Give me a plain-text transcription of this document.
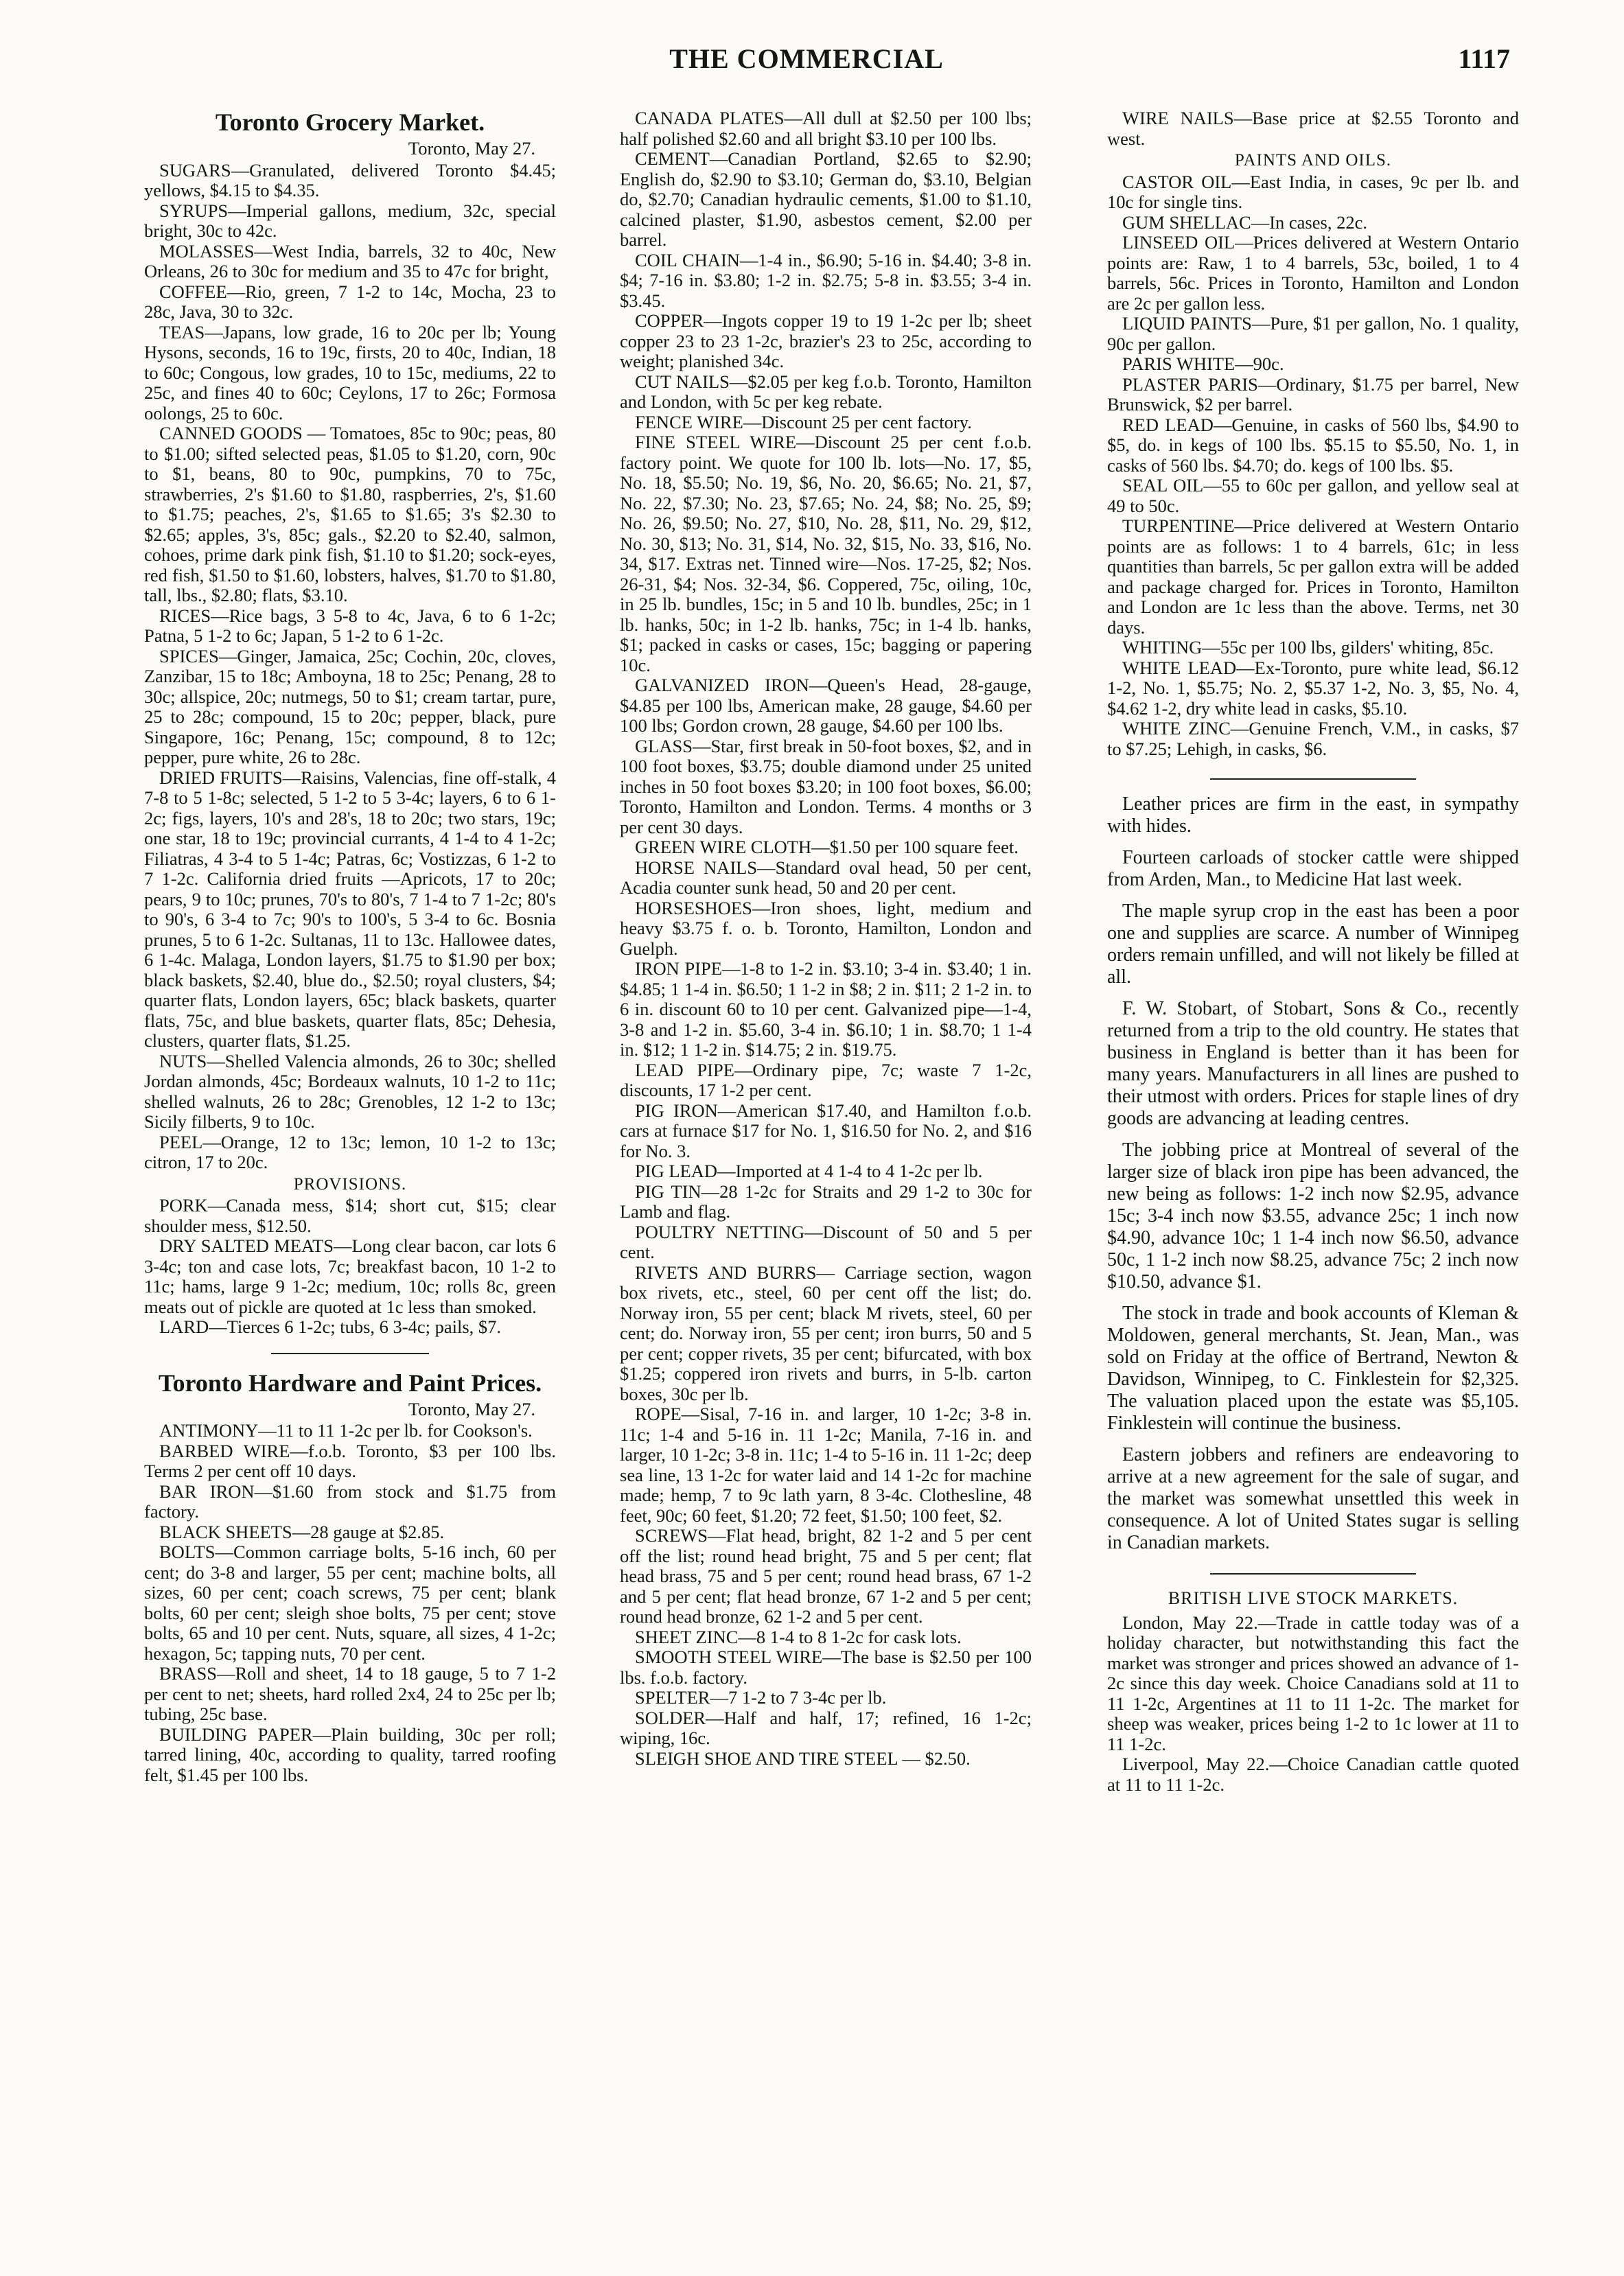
THE COMMERCIAL	1117
Toronto Grocery Market.
Toronto, May 27.

SUGARS—Granulated, delivered Toronto $4.45; yellows, $4.15 to $4.35.

SYRUPS—Imperial gallons, medium, 32c, special bright, 30c to 42c.

MOLASSES—West India, barrels, 32 to 40c, New Orleans, 26 to 30c for medium and 35 to 47c for bright,

COFFEE—Rio, green, 7 1-2 to 14c, Mocha, 23 to 28c, Java, 30 to 32c.

TEAS—Japans, low grade, 16 to 20c per lb; Young Hysons, seconds, 16 to 19c, firsts, 20 to 40c, Indian, 18 to 60c; Congous, low grades, 10 to 15c, mediums, 22 to 25c, and fines 40 to 60c; Ceylons, 17 to 26c; Formosa oolongs, 25 to 60c.

CANNED GOODS — Tomatoes, 85c to 90c; peas, 80 to $1.00; sifted selected peas, $1.05 to $1.20, corn, 90c to $1, beans, 80 to 90c, pumpkins, 70 to 75c, strawberries, 2's $1.60 to $1.80, raspberries, 2's, $1.60 to $1.75; peaches, 2's, $1.65 to $1.65; 3's $2.30 to $2.65; apples, 3's, 85c; gals., $2.20 to $2.40, salmon, cohoes, prime dark pink fish, $1.10 to $1.20; sock-eyes, red fish, $1.50 to $1.60, lobsters, halves, $1.70 to $1.80, tall, lbs., $2.80; flats, $3.10.

RICES—Rice bags, 3 5-8 to 4c, Java, 6 to 6 1-2c; Patna, 5 1-2 to 6c; Japan, 5 1-2 to 6 1-2c.

SPICES—Ginger, Jamaica, 25c; Cochin, 20c, cloves, Zanzibar, 15 to 18c; Amboyna, 18 to 25c; Penang, 28 to 30c; allspice, 20c; nutmegs, 50 to $1; cream tartar, pure, 25 to 28c; compound, 15 to 20c; pepper, black, pure Singapore, 16c; Penang, 15c; compound, 8 to 12c; pepper, pure white, 26 to 28c.

DRIED FRUITS—Raisins, Valencias, fine off-stalk, 4 7-8 to 5 1-8c; selected, 5 1-2 to 5 3-4c; layers, 6 to 6 1-2c; figs, layers, 10's and 28's, 18 to 20c; two stars, 19c; one star, 18 to 19c; provincial currants, 4 1-4 to 4 1-2c; Filiatras, 4 3-4 to 5 1-4c; Patras, 6c; Vostizzas, 6 1-2 to 7 1-2c. California dried fruits —Apricots, 17 to 20c; pears, 9 to 10c; prunes, 70's to 80's, 7 1-4 to 7 1-2c; 80's to 90's, 6 3-4 to 7c; 90's to 100's, 5 3-4 to 6c. Bosnia prunes, 5 to 6 1-2c. Sultanas, 11 to 13c. Hallowee dates, 6 1-4c. Malaga, London layers, $1.75 to $1.90 per box; black baskets, $2.40, blue do., $2.50; royal clusters, $4; quarter flats, London layers, 65c; black baskets, quarter flats, 75c, and blue baskets, quarter flats, 85c; Dehesia, clusters, quarter flats, $1.25.

NUTS—Shelled Valencia almonds, 26 to 30c; shelled Jordan almonds, 45c; Bordeaux walnuts, 10 1-2 to 11c; shelled walnuts, 26 to 28c; Grenobles, 12 1-2 to 13c; Sicily filberts, 9 to 10c.

PEEL—Orange, 12 to 13c; lemon, 10 1-2 to 13c; citron, 17 to 20c.

PROVISIONS.

PORK—Canada mess, $14; short cut, $15; clear shoulder mess, $12.50.

DRY SALTED MEATS—Long clear bacon, car lots 6 3-4c; ton and case lots, 7c; breakfast bacon, 10 1-2 to 11c; hams, large 9 1-2c; medium, 10c; rolls 8c, green meats out of pickle are quoted at 1c less than smoked.

LARD—Tierces 6 1-2c; tubs, 6 3-4c; pails, $7.

Toronto Hardware and Paint Prices.
Toronto, May 27.

ANTIMONY—11 to 11 1-2c per lb. for Cookson's.

BARBED WIRE—f.o.b. Toronto, $3 per 100 lbs. Terms 2 per cent off 10 days.

BAR IRON—$1.60 from stock and $1.75 from factory.

BLACK SHEETS—28 gauge at $2.85.

BOLTS—Common carriage bolts, 5-16 inch, 60 per cent; do 3-8 and larger, 55 per cent; machine bolts, all sizes, 60 per cent; coach screws, 75 per cent; blank bolts, 60 per cent; sleigh shoe bolts, 75 per cent; stove bolts, 65 and 10 per cent. Nuts, square, all sizes, 4 1-2c; hexagon, 5c; tapping nuts, 70 per cent.

BRASS—Roll and sheet, 14 to 18 gauge, 5 to 7 1-2 per cent to net; sheets, hard rolled 2x4, 24 to 25c per lb; tubing, 25c base.

BUILDING PAPER—Plain building, 30c per roll; tarred lining, 40c, according to quality, tarred roofing felt, $1.45 per 100 lbs.

CANADA PLATES—All dull at $2.50 per 100 lbs; half polished $2.60 and all bright $3.10 per 100 lbs.

CEMENT—Canadian Portland, $2.65 to $2.90; English do, $2.90 to $3.10; German do, $3.10, Belgian do, $2.70; Canadian hydraulic cements, $1.00 to $1.10, calcined plaster, $1.90, asbestos cement, $2.00 per barrel.

COIL CHAIN—1-4 in., $6.90; 5-16 in. $4.40; 3-8 in. $4; 7-16 in. $3.80; 1-2 in. $2.75; 5-8 in. $3.55; 3-4 in. $3.45.

COPPER—Ingots copper 19 to 19 1-2c per lb; sheet copper 23 to 23 1-2c, brazier's 23 to 25c, according to weight; planished 34c.

CUT NAILS—$2.05 per keg f.o.b. Toronto, Hamilton and London, with 5c per keg rebate.

FENCE WIRE—Discount 25 per cent factory.

FINE STEEL WIRE—Discount 25 per cent f.o.b. factory point. We quote for 100 lb. lots—No. 17, $5, No. 18, $5.50; No. 19, $6, No. 20, $6.65; No. 21, $7, No. 22, $7.30; No. 23, $7.65; No. 24, $8; No. 25, $9; No. 26, $9.50; No. 27, $10, No. 28, $11, No. 29, $12, No. 30, $13; No. 31, $14, No. 32, $15, No. 33, $16, No. 34, $17. Extras net. Tinned wire—Nos. 17-25, $2; Nos. 26-31, $4; Nos. 32-34, $6. Coppered, 75c, oiling, 10c, in 25 lb. bundles, 15c; in 5 and 10 lb. bundles, 25c; in 1 lb. hanks, 50c; in 1-2 lb. hanks, 75c; in 1-4 lb. hanks, $1; packed in casks or cases, 15c; bagging or papering 10c.

GALVANIZED IRON—Queen's Head, 28-gauge, $4.85 per 100 lbs, American make, 28 gauge, $4.60 per 100 lbs; Gordon crown, 28 gauge, $4.60 per 100 lbs.

GLASS—Star, first break in 50-foot boxes, $2, and in 100 foot boxes, $3.75; double diamond under 25 united inches in 50 foot boxes $3.20; in 100 foot boxes, $6.00; Toronto, Hamilton and London. Terms. 4 months or 3 per cent 30 days.

GREEN WIRE CLOTH—$1.50 per 100 square feet.

HORSE NAILS—Standard oval head, 50 per cent, Acadia counter sunk head, 50 and 20 per cent.

HORSESHOES—Iron shoes, light, medium and heavy $3.75 f. o. b. Toronto, Hamilton, London and Guelph.

IRON PIPE—1-8 to 1-2 in. $3.10; 3-4 in. $3.40; 1 in. $4.85; 1 1-4 in. $6.50; 1 1-2 in $8; 2 in. $11; 2 1-2 in. to 6 in. discount 60 to 10 per cent. Galvanized pipe—1-4, 3-8 and 1-2 in. $5.60, 3-4 in. $6.10; 1 in. $8.70; 1 1-4 in. $12; 1 1-2 in. $14.75; 2 in. $19.75.

LEAD PIPE—Ordinary pipe, 7c; waste 7 1-2c, discounts, 17 1-2 per cent.

PIG IRON—American $17.40, and Hamilton f.o.b. cars at furnace $17 for No. 1, $16.50 for No. 2, and $16 for No. 3.

PIG LEAD—Imported at 4 1-4 to 4 1-2c per lb.

PIG TIN—28 1-2c for Straits and 29 1-2 to 30c for Lamb and flag.

POULTRY NETTING—Discount of 50 and 5 per cent.

RIVETS AND BURRS— Carriage section, wagon box rivets, etc., steel, 60 per cent off the list; do. Norway iron, 55 per cent; black M rivets, steel, 60 per cent; do. Norway iron, 55 per cent; iron burrs, 50 and 5 per cent; copper rivets, 35 per cent; bifurcated, with box $1.25; coppered iron rivets and burrs, in 5-lb. carton boxes, 30c per lb.

ROPE—Sisal, 7-16 in. and larger, 10 1-2c; 3-8 in. 11c; 1-4 and 5-16 in. 11 1-2c; Manila, 7-16 in. and larger, 10 1-2c; 3-8 in. 11c; 1-4 to 5-16 in. 11 1-2c; deep sea line, 13 1-2c for water laid and 14 1-2c for machine made; hemp, 7 to 9c lath yarn, 8 3-4c. Clothesline, 48 feet, 90c; 60 feet, $1.20; 72 feet, $1.50; 100 feet, $2.

SCREWS—Flat head, bright, 82 1-2 and 5 per cent off the list; round head bright, 75 and 5 per cent; flat head brass, 75 and 5 per cent; round head brass, 67 1-2 and 5 per cent; flat head bronze, 67 1-2 and 5 per cent; round head bronze, 62 1-2 and 5 per cent.

SHEET ZINC—8 1-4 to 8 1-2c for cask lots.

SMOOTH STEEL WIRE—The base is $2.50 per 100 lbs. f.o.b. factory.

SPELTER—7 1-2 to 7 3-4c per lb.

SOLDER—Half and half, 17; refined, 16 1-2c; wiping, 16c.

SLEIGH SHOE AND TIRE STEEL — $2.50.

WIRE NAILS—Base price at $2.55 Toronto and west.

PAINTS AND OILS.

CASTOR OIL—East India, in cases, 9c per lb. and 10c for single tins.

GUM SHELLAC—In cases, 22c.

LINSEED OIL—Prices delivered at Western Ontario points are: Raw, 1 to 4 barrels, 53c, boiled, 1 to 4 barrels, 56c. Prices in Toronto, Hamilton and London are 2c per gallon less.

LIQUID PAINTS—Pure, $1 per gallon, No. 1 quality, 90c per gallon.

PARIS WHITE—90c.

PLASTER PARIS—Ordinary, $1.75 per barrel, New Brunswick, $2 per barrel.

RED LEAD—Genuine, in casks of 560 lbs, $4.90 to $5, do. in kegs of 100 lbs. $5.15 to $5.50, No. 1, in casks of 560 lbs. $4.70; do. kegs of 100 lbs. $5.

SEAL OIL—55 to 60c per gallon, and yellow seal at 49 to 50c.

TURPENTINE—Price delivered at Western Ontario points are as follows: 1 to 4 barrels, 61c; in less quantities than barrels, 5c per gallon extra will be added and package charged for. Prices in Toronto, Hamilton and London are 1c less than the above. Terms, net 30 days.

WHITING—55c per 100 lbs, gilders' whiting, 85c.

WHITE LEAD—Ex-Toronto, pure white lead, $6.12 1-2, No. 1, $5.75; No. 2, $5.37 1-2, No. 3, $5, No. 4, $4.62 1-2, dry white lead in casks, $5.10.

WHITE ZINC—Genuine French, V.M., in casks, $7 to $7.25; Lehigh, in casks, $6.

Leather prices are firm in the east, in sympathy with hides.

Fourteen carloads of stocker cattle were shipped from Arden, Man., to Medicine Hat last week.

The maple syrup crop in the east has been a poor one and supplies are scarce. A number of Winnipeg orders remain unfilled, and will not likely be filled at all.

F. W. Stobart, of Stobart, Sons & Co., recently returned from a trip to the old country. He states that business in England is better than it has been for many years. Manufacturers in all lines are pushed to their utmost with orders. Prices for staple lines of dry goods are advancing at leading centres.

The jobbing price at Montreal of several of the larger size of black iron pipe has been advanced, the new being as follows: 1-2 inch now $2.95, advance 15c; 3-4 inch now $3.55, advance 25c; 1 inch now $4.90, advance 10c; 1 1-4 inch now $6.50, advance 50c, 1 1-2 inch now $8.25, advance 75c; 2 inch now $10.50, advance $1.

The stock in trade and book accounts of Kleman & Moldowen, general merchants, St. Jean, Man., was sold on Friday at the office of Bertrand, Newton & Davidson, Winnipeg, to C. Finklestein for $2,325. The valuation placed upon the estate was $5,105. Finklestein will continue the business.

Eastern jobbers and refiners are endeavoring to arrive at a new agreement for the sale of sugar, and the market was somewhat unsettled this week in consequence. A lot of United States sugar is selling in Canadian markets.

BRITISH LIVE STOCK MARKETS.

London, May 22.—Trade in cattle today was of a holiday character, but notwithstanding this fact the market was stronger and prices showed an advance of 1-2c since this day week. Choice Canadians sold at 11 to 11 1-2c, Argentines at 11 to 11 1-2c. The market for sheep was weaker, prices being 1-2 to 1c lower at 11 to 11 1-2c.

Liverpool, May 22.—Choice Canadian cattle quoted at 11 to 11 1-2c.
